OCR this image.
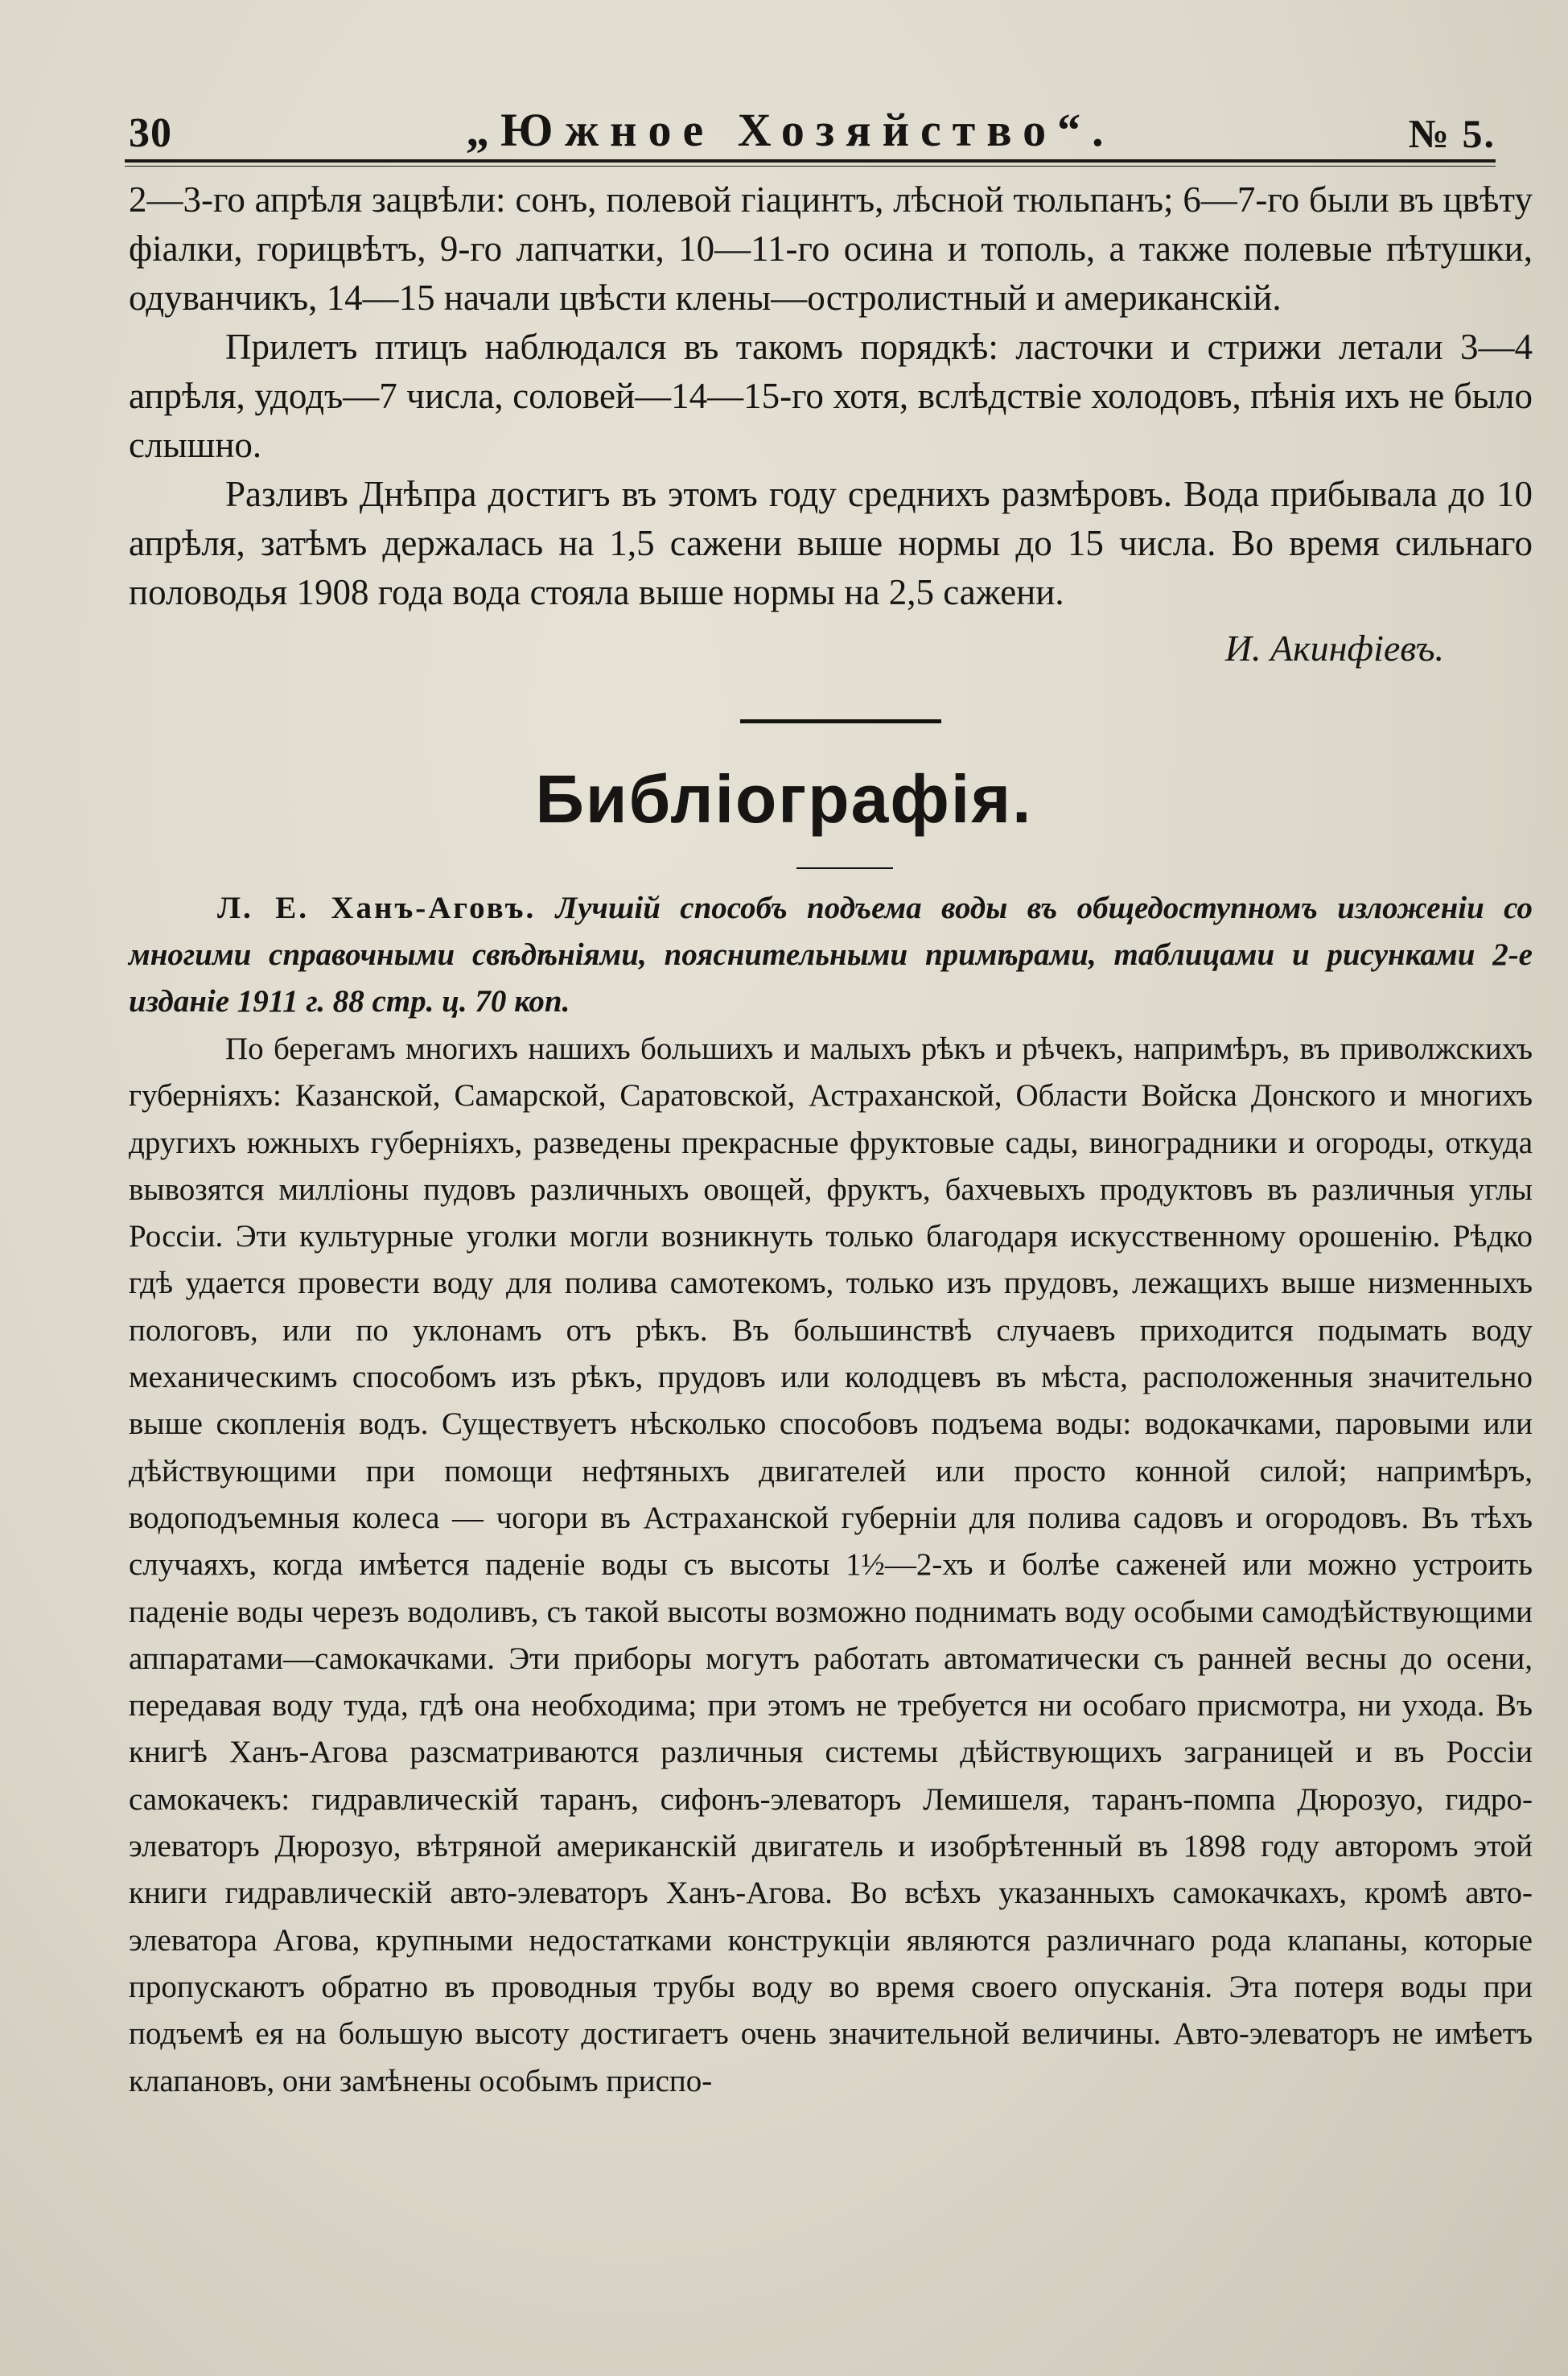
30	„Южное Хозяйство“.	№ 5.

2—3-го апрѣля зацвѣли: сонъ, полевой гіацинтъ, лѣсной тюльпанъ; 6—7-го были въ цвѣту фіалки, горицвѣтъ, 9-го лапчатки, 10—11-го осина и тополь, а также полевые пѣтушки, одуванчикъ, 14—15 начали цвѣсти клены—остролистный и американскій.

Прилетъ птицъ наблюдался въ такомъ порядкѣ: ласточки и стрижи летали 3—4 апрѣля, удодъ—7 числа, соловей—14—15-го хотя, вслѣдствіе холодовъ, пѣнія ихъ не было слышно.

Разливъ Днѣпра достигъ въ этомъ году среднихъ размѣровъ. Вода прибывала до 10 апрѣля, затѣмъ держалась на 1,5 сажени выше нормы до 15 числа. Во время сильнаго половодья 1908 года вода стояла выше нормы на 2,5 сажени.

И. Акинфіевъ.
Библіографія.
Л. Е. Ханъ-Аговъ. Лучшій способъ подъема воды въ общедоступномъ изложеніи со многими справочными свѣдѣніями, пояснительными примѣрами, таблицами и рисунками 2-е изданіе 1911 г. 88 стр. ц. 70 коп.

По берегамъ многихъ нашихъ большихъ и малыхъ рѣкъ и рѣчекъ, напримѣръ, въ приволжскихъ губерніяхъ: Казанской, Самарской, Саратовской, Астраханской, Области Войска Донского и многихъ другихъ южныхъ губерніяхъ, разведены прекрасные фруктовые сады, виноградники и огороды, откуда вывозятся милліоны пудовъ различныхъ овощей, фруктъ, бахчевыхъ продуктовъ въ различныя углы Россіи. Эти культурные уголки могли возникнуть только благодаря искусственному орошенію. Рѣдко гдѣ удается провести воду для полива самотекомъ, только изъ прудовъ, лежащихъ выше низменныхъ пологовъ, или по уклонамъ отъ рѣкъ. Въ большинствѣ случаевъ приходится подымать воду механическимъ способомъ изъ рѣкъ, прудовъ или колодцевъ въ мѣста, расположенныя значительно выше скопленія водъ. Существуетъ нѣсколько способовъ подъема воды: водокачками, паровыми или дѣйствующими при помощи нефтяныхъ двигателей или просто конной силой; напримѣръ, водоподъемныя колеса — чогори въ Астраханской губерніи для полива садовъ и огородовъ. Въ тѣхъ случаяхъ, когда имѣется паденіе воды съ высоты 1½—2-хъ и болѣе саженей или можно устроить паденіе воды черезъ водоливъ, съ такой высоты возможно поднимать воду особыми самодѣйствующими аппаратами—самокачками. Эти приборы могутъ работать автоматически съ ранней весны до осени, передавая воду туда, гдѣ она необходима; при этомъ не требуется ни особаго присмотра, ни ухода. Въ книгѣ Ханъ-Агова разсматриваются различныя системы дѣйствующихъ заграницей и въ Россіи самокачекъ: гидравлическій таранъ, сифонъ-элеваторъ Лемишеля, таранъ-помпа Дюрозуо, гидро-элеваторъ Дюрозуо, вѣтряной американскій двигатель и изобрѣтенный въ 1898 году авторомъ этой книги гидравлическій авто-элеваторъ Ханъ-Агова. Во всѣхъ указанныхъ самокачкахъ, кромѣ авто-элеватора Агова, крупными недостатками конструкціи являются различнаго рода клапаны, которые пропускаютъ обратно въ проводныя трубы воду во время своего опусканія. Эта потеря воды при подъемѣ ея на большую высоту достигаетъ очень значительной величины. Авто-элеваторъ не имѣетъ клапановъ, они замѣнены особымъ приспо-
